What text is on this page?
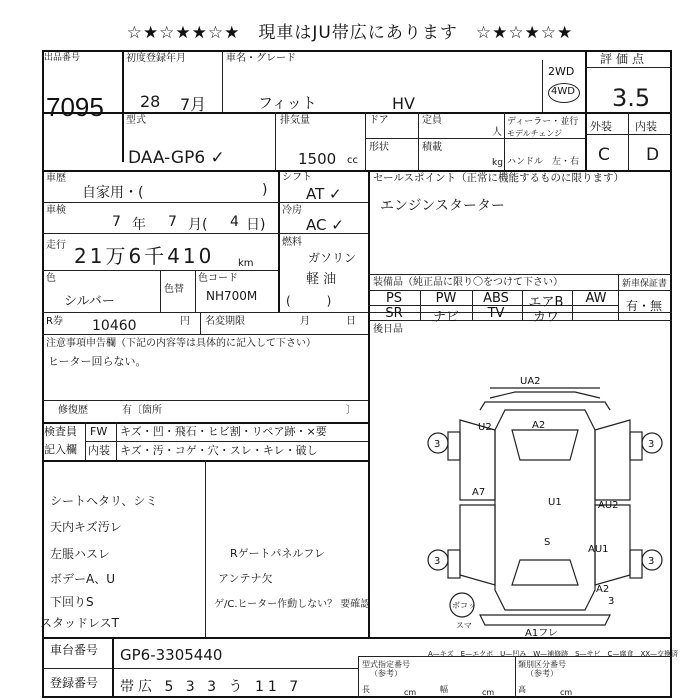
☆★☆★★☆★　現車はJU帯広にあります　☆★☆★☆★
出品番号
7095
初度登録年月
28 7月
車名・グレード
フィット	HV
2WD
4WD
評価点
3.5
型式
DAA-GP6 ✓
排気量
1500 cc
ドア	定員
人
ディーラー・並行
モデルチェンジ
形状	積載
kg ハンドル　左・右
外装 内装
C D
車歴
自家用・(	)
車検
7 年 7 月( 4 日)
走行 21万6千410 km
色
シルバー
色替
色コード
NH700M (　　　)
シフト
AT ✓
冷房
AC ✓
燃料
ガソリン
軽 油
セールスポイント（正常に機能するものに限ります）
エンジンスターター
装備品（純正品に限り〇をつけて下さい）
PS	PW	ABS	エアB	AW
SR	ナビ	TV	カワ
新車保証書
有・無
後日品
R券 10460	円 名変期限	月	日
注意事項申告欄（下記の内容等は具体的に記入して下さい）
ヒーター回らない。
修復歴	有〔箇所	〕
検査員
記入欄
FW キズ・凹・飛石・ヒビ割・リペア跡・×要
内装 キズ・汚・コゲ・穴・スレ・キレ・破し
シートヘタリ、シミ
天内キズ汚レ
左脹ハスレ
ボデーA、U
下回りS
スタッドレスT
Rゲートパネルフレ
アンテナ欠
ゲ/C.ヒーター作動しない？ 要確認
UA2
A1フレ
3	3
3	3
3
A2
U2
A7
U1	AU2
AU1
A2
S
ボコッ
スマ
A—キズ　E—エクボ　U—凹み　W—補修跡　S—サビ　C—腐食　XX—交換済
車台番号 GP6-3305440
登録番号 帯広 5 3 3 う 11 7
型式指定番号
（参考）
類別区分番号
（参考）
長	cm	幅	cm	高	cm
